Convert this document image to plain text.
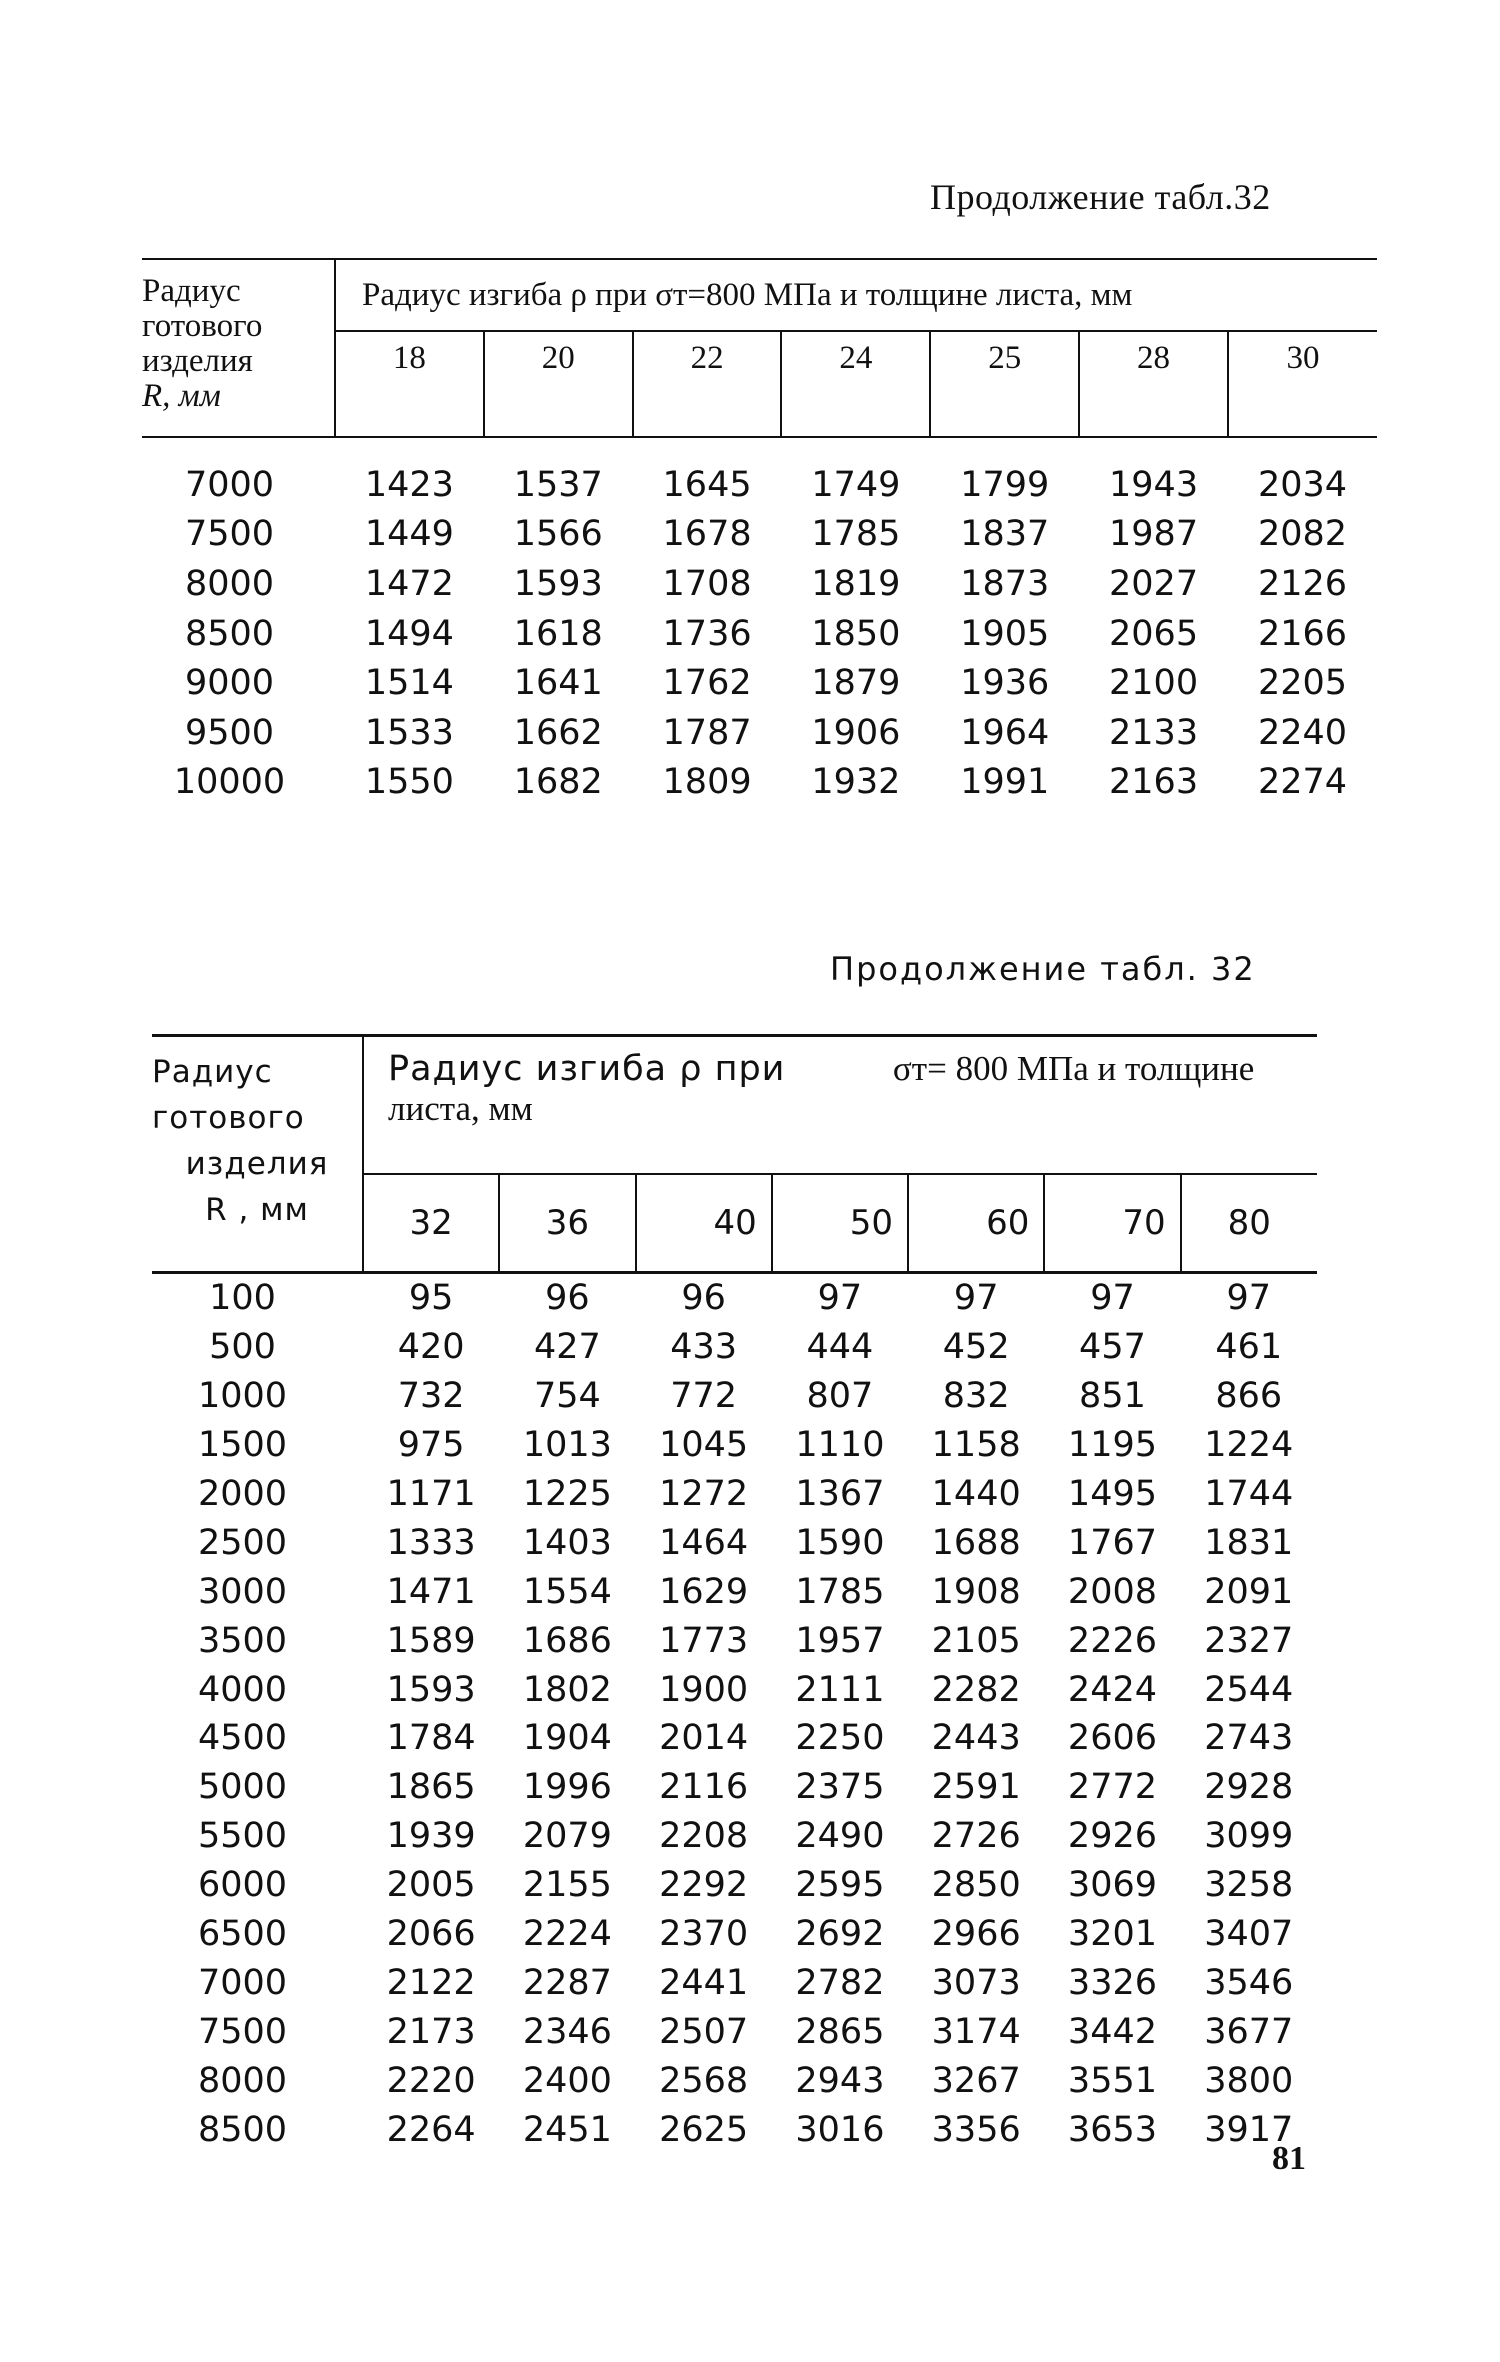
Продолжение табл.32
Радиус
готового
изделия
R, мм	Радиус изгиба ρ при σт=800 МПа и толщине листа, мм						
	18	20	22	24	25	28	30
7000	1423	1537	1645	1749	1799	1943	2034
7500	1449	1566	1678	1785	1837	1987	2082
8000	1472	1593	1708	1819	1873	2027	2126
8500	1494	1618	1736	1850	1905	2065	2166
9000	1514	1641	1762	1879	1936	2100	2205
9500	1533	1662	1787	1906	1964	2133	2240
10000	1550	1682	1809	1932	1991	2163	2274
Продолжение табл. 32
Радиус
готового
изделия
R , мм	Радиус изгиба ρ при σт= 800 МПа и толщине
листа, мм						
	32	36	40	50	60	70	80
100	95	96	96	97	97	97	97
500	420	427	433	444	452	457	461
1000	732	754	772	807	832	851	866
1500	975	1013	1045	1110	1158	1195	1224
2000	1171	1225	1272	1367	1440	1495	1744
2500	1333	1403	1464	1590	1688	1767	1831
3000	1471	1554	1629	1785	1908	2008	2091
3500	1589	1686	1773	1957	2105	2226	2327
4000	1593	1802	1900	2111	2282	2424	2544
4500	1784	1904	2014	2250	2443	2606	2743
5000	1865	1996	2116	2375	2591	2772	2928
5500	1939	2079	2208	2490	2726	2926	3099
6000	2005	2155	2292	2595	2850	3069	3258
6500	2066	2224	2370	2692	2966	3201	3407
7000	2122	2287	2441	2782	3073	3326	3546
7500	2173	2346	2507	2865	3174	3442	3677
8000	2220	2400	2568	2943	3267	3551	3800
8500	2264	2451	2625	3016	3356	3653	3917
81
